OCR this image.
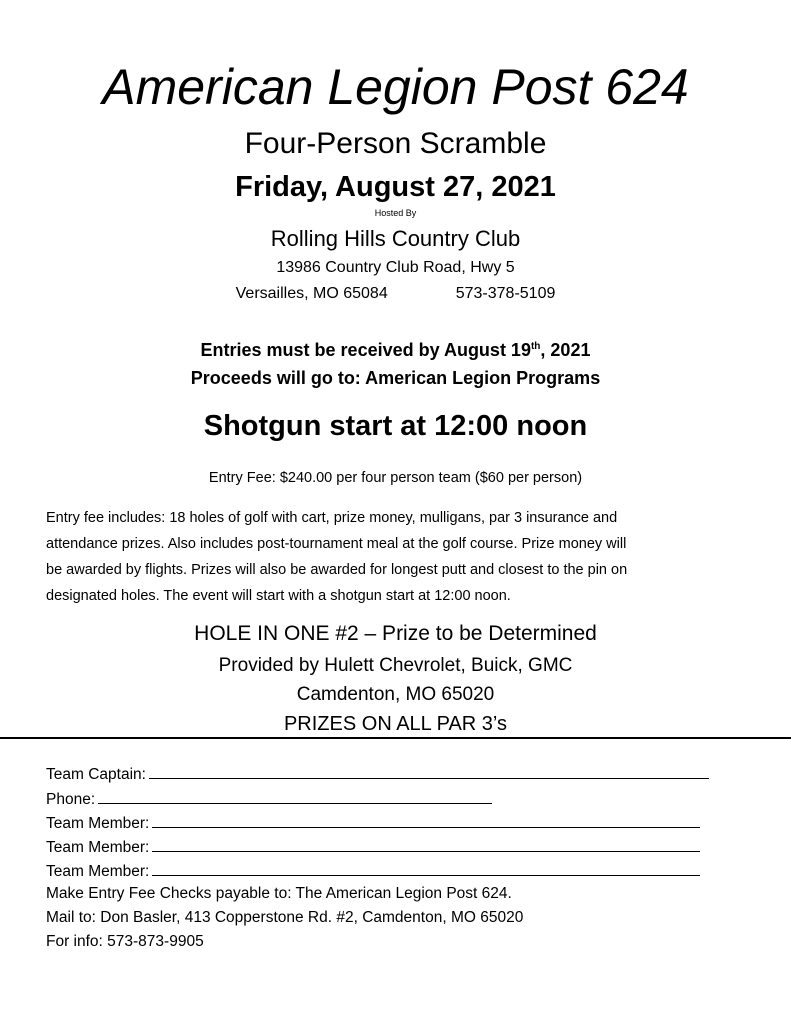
American Legion Post 624
Four-Person Scramble
Friday, August 27, 2021
Hosted By
Rolling Hills Country Club
13986 Country Club Road, Hwy 5
Versailles, MO 65084	573-378-5109
Entries must be received by August 19th, 2021
Proceeds will go to: American Legion Programs
Shotgun start at 12:00 noon
Entry Fee: $240.00 per four person team ($60 per person)
Entry fee includes: 18 holes of golf with cart, prize money, mulligans, par 3 insurance and
attendance prizes. Also includes post-tournament meal at the golf course. Prize money will
be awarded by flights. Prizes will also be awarded for longest putt and closest to the pin on
designated holes. The event will start with a shotgun start at 12:00 noon.
HOLE IN ONE #2 – Prize to be Determined
Provided by Hulett Chevrolet, Buick, GMC
Camdenton, MO 65020
PRIZES ON ALL PAR 3’s
Team Captain:
Phone:
Team Member:
Team Member:
Team Member:
Make Entry Fee Checks payable to: The American Legion Post 624.
Mail to: Don Basler, 413 Copperstone Rd. #2, Camdenton, MO 65020
For info: 573-873-9905
